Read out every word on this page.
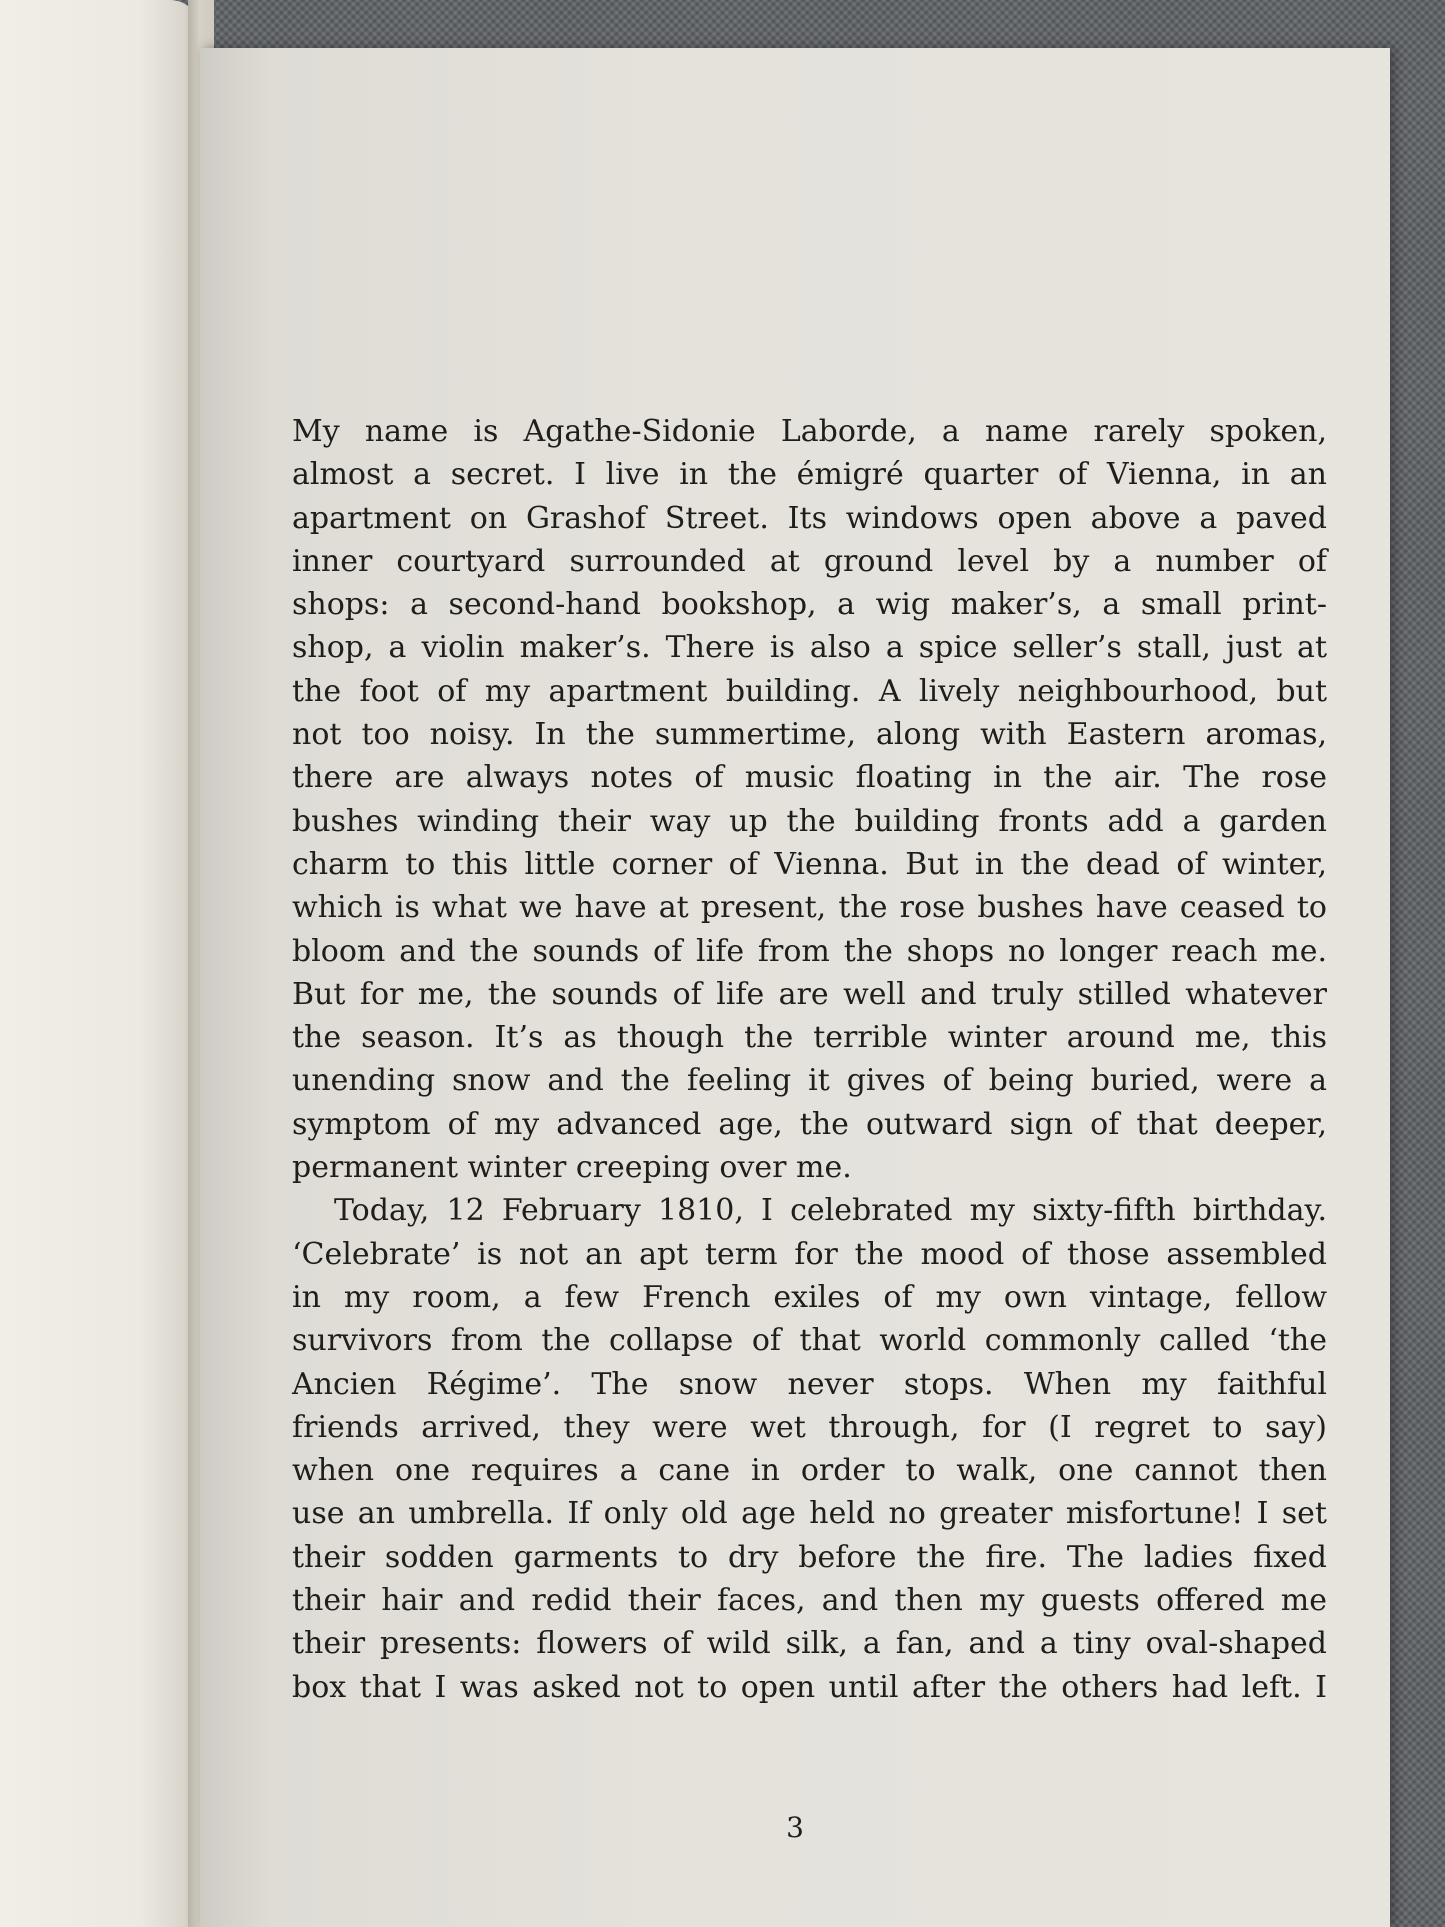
My name is Agathe-Sidonie Laborde, a name rarely spoken,
almost a secret. I live in the émigré quarter of Vienna, in an
apartment on Grashof Street. Its windows open above a paved
inner courtyard surrounded at ground level by a number of
shops: a second-hand bookshop, a wig maker’s, a small print-
shop, a violin maker’s. There is also a spice seller’s stall, just at
the foot of my apartment building. A lively neighbourhood, but
not too noisy. In the summertime, along with Eastern aromas,
there are always notes of music floating in the air. The rose
bushes winding their way up the building fronts add a garden
charm to this little corner of Vienna. But in the dead of winter,
which is what we have at present, the rose bushes have ceased to
bloom and the sounds of life from the shops no longer reach me.
But for me, the sounds of life are well and truly stilled whatever
the season. It’s as though the terrible winter around me, this
unending snow and the feeling it gives of being buried, were a
symptom of my advanced age, the outward sign of that deeper,
permanent winter creeping over me.
Today, 12 February 1810, I celebrated my sixty-fifth birthday.
‘Celebrate’ is not an apt term for the mood of those assembled
in my room, a few French exiles of my own vintage, fellow
survivors from the collapse of that world commonly called ‘the
Ancien Régime’. The snow never stops. When my faithful
friends arrived, they were wet through, for (I regret to say)
when one requires a cane in order to walk, one cannot then
use an umbrella. If only old age held no greater misfortune! I set
their sodden garments to dry before the fire. The ladies fixed
their hair and redid their faces, and then my guests offered me
their presents: flowers of wild silk, a fan, and a tiny oval-shaped
box that I was asked not to open until after the others had left. I
3
